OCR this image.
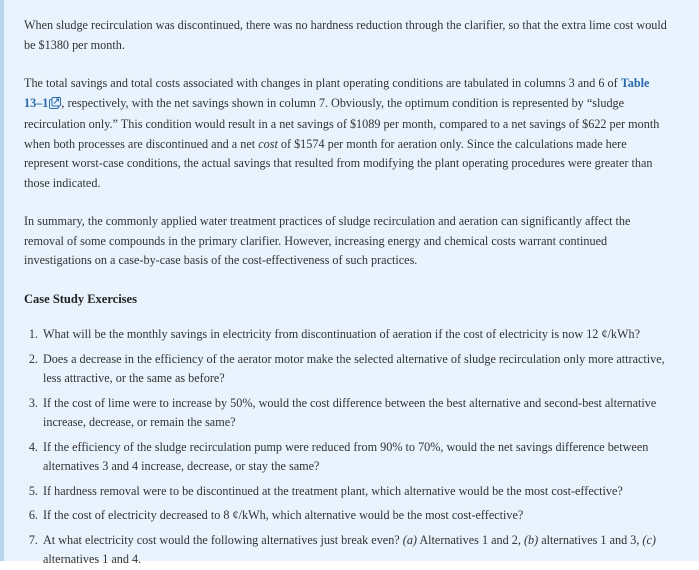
When sludge recirculation was discontinued, there was no hardness reduction through the clarifier, so that the extra lime cost would be $1380 per month.

The total savings and total costs associated with changes in plant operating conditions are tabulated in columns 3 and 6 of Table 13–1 , respectively, with the net savings shown in column 7. Obviously, the optimum condition is represented by “sludge recirculation only.” This condition would result in a net savings of $1089 per month, compared to a net savings of $622 per month when both processes are discontinued and a net cost of $1574 per month for aeration only. Since the calculations made here represent worst-case conditions, the actual savings that resulted from modifying the plant operating procedures were greater than those indicated.

In summary, the commonly applied water treatment practices of sludge recirculation and aeration can significantly affect the removal of some compounds in the primary clarifier. However, increasing energy and chemical costs warrant continued investigations on a case-by-case basis of the cost-effectiveness of such practices.

Case Study Exercises
1. What will be the monthly savings in electricity from discontinuation of aeration if the cost of electricity is now 12 ¢/kWh?
2. Does a decrease in the efficiency of the aerator motor make the selected alternative of sludge recirculation only more attractive, less attractive, or the same as before?
3. If the cost of lime were to increase by 50%, would the cost difference between the best alternative and second-best alternative increase, decrease, or remain the same?
4. If the efficiency of the sludge recirculation pump were reduced from 90% to 70%, would the net savings difference between alternatives 3 and 4 increase, decrease, or stay the same?
5. If hardness removal were to be discontinued at the treatment plant, which alternative would be the most cost-effective?
6. If the cost of electricity decreased to 8 ¢/kWh, which alternative would be the most cost-effective?
7. At what electricity cost would the following alternatives just break even? (a) Alternatives 1 and 2, (b) alternatives 1 and 3, (c) alternatives 1 and 4.
